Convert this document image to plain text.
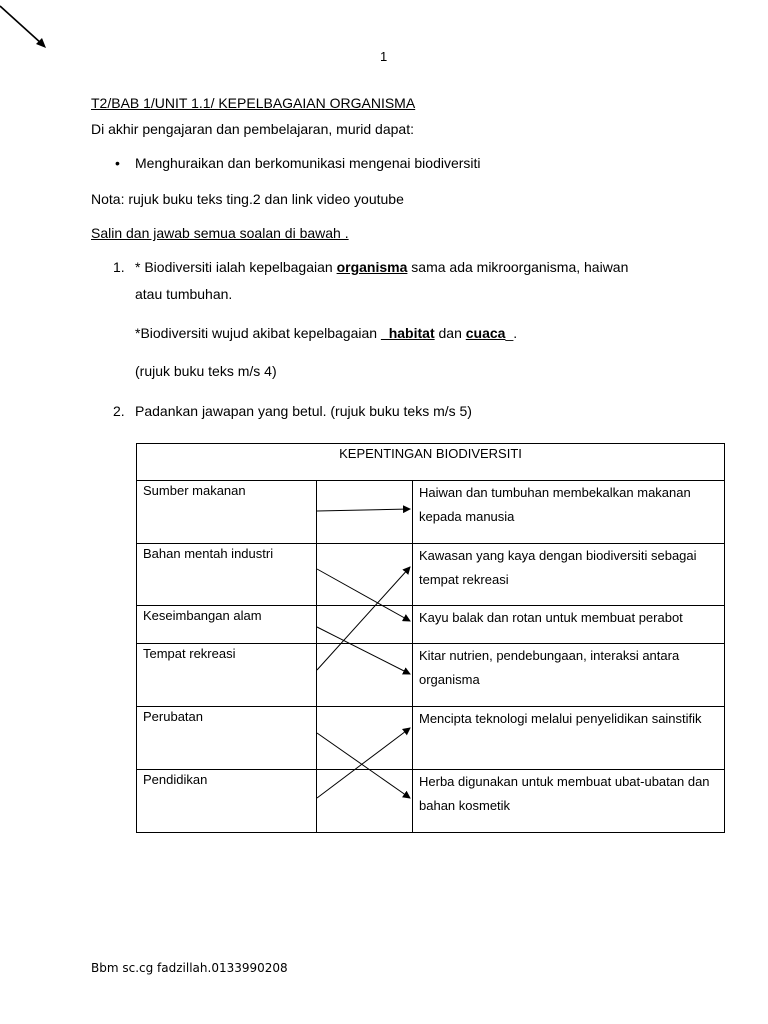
1
T2/BAB 1/UNIT 1.1/ KEPELBAGAIAN ORGANISMA
Di akhir pengajaran dan pembelajaran, murid dapat:
• Menghuraikan dan berkomunikasi mengenai biodiversiti
Nota: rujuk buku teks ting.2 dan link video youtube
Salin dan jawab semua soalan di bawah .
1. * Biodiversiti ialah kepelbagaian organisma sama ada mikroorganisma, haiwan
atau tumbuhan.
*Biodiversiti wujud akibat kepelbagaian _habitat dan cuaca_.
(rujuk buku teks m/s 4)
2. Padankan jawapan yang betul. (rujuk buku teks m/s 5)
KEPENTINGAN BIODIVERSITI		
Sumber makanan		Haiwan dan tumbuhan membekalkan makanan kepada manusia
Bahan mentah industri		Kawasan yang kaya dengan biodiversiti sebagai tempat rekreasi
Keseimbangan alam		Kayu balak dan rotan untuk membuat perabot
Tempat rekreasi		Kitar nutrien, pendebungaan, interaksi antara organisma
Perubatan		Mencipta teknologi melalui penyelidikan sainstifik
Pendidikan		Herba digunakan untuk membuat ubat-ubatan dan bahan kosmetik
Bbm sc.cg fadzillah.0133990208
